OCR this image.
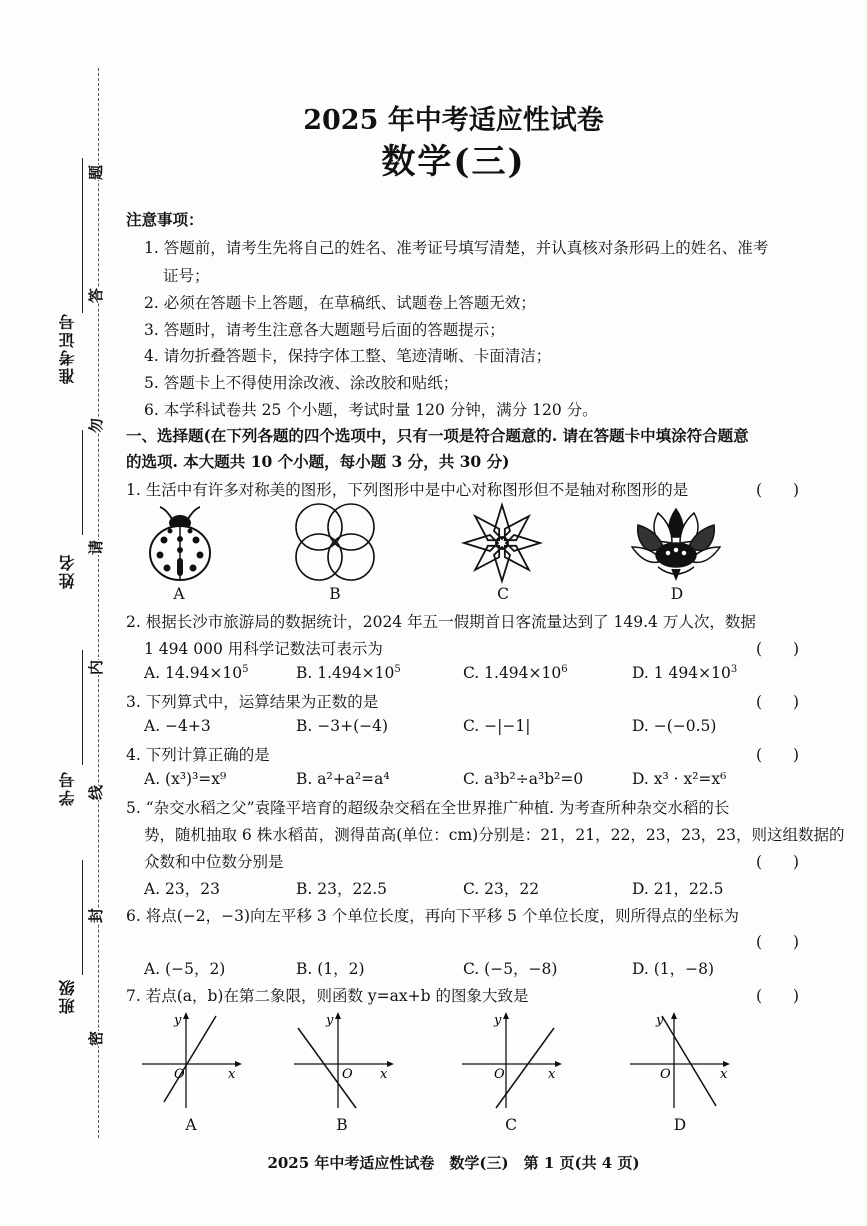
题
答
勿
请
内
线
封
密
准考证号
姓名
学号
班级
2025 年中考适应性试卷
数学(三)
注意事项：
1. 答题前，请考生先将自己的姓名、准考证号填写清楚，并认真核对条形码上的姓名、准考
证号；
2. 必须在答题卡上答题，在草稿纸、试题卷上答题无效；
3. 答题时，请考生注意各大题题号后面的答题提示；
4. 请勿折叠答题卡，保持字体工整、笔迹清晰、卡面清洁；
5. 答题卡上不得使用涂改液、涂改胶和贴纸；
6. 本学科试卷共 25 个小题，考试时量 120 分钟，满分 120 分。
一、选择题(在下列各题的四个选项中，只有一项是符合题意的. 请在答题卡中填涂符合题意
的选项. 本大题共 10 个小题，每小题 3 分，共 30 分)
1. 生活中有许多对称美的图形，下列图形中是中心对称图形但不是轴对称图形的是	(　　)
A	B	C	D
2. 根据长沙市旅游局的数据统计，2024 年五一假期首日客流量达到了 149.4 万人次，数据
1 494 000 用科学记数法可表示为	(　　)
A. $14.94\times 10^5$	B. $1.494\times 10^5$	C. $1.494\times 10^6$	D. 1 $494\times 10^3$
3. 下列算式中，运算结果为正数的是	(　　)
A. −4+3	B. −3+(−4)	C. −|−1|	D. −(−0.5)
4. 下列计算正确的是	(　　)
A. (x³)³=x⁹	B. a²+a²=a⁴	C. a³b²÷a³b²=0	D. x³ · x²=x⁶
5. “杂交水稻之父”袁隆平培育的超级杂交稻在全世界推广种植. 为考查所种杂交水稻的长
势，随机抽取 6 株水稻苗，测得苗高(单位：cm)分别是：21，21，22，23，23，23，则这组数据的
众数和中位数分别是	(　　)
A. 23，23	B. 23，22.5	C. 23，22	D. 21，22.5
6. 将点(−2，−3)向左平移 3 个单位长度，再向下平移 5 个单位长度，则所得点的坐标为
(　　)
A. (−5，2)	B. (1，2)	C. (−5，−8)	D. (1，−8)
7. 若点(a，b)在第二象限，则函数 y=ax+b 的图象大致是	(　　)
x
y
O
A
x
y
O
B
x
y
O
C
x
y
O
D
2025 年中考适应性试卷　数学(三)　第 1 页(共 4 页)
